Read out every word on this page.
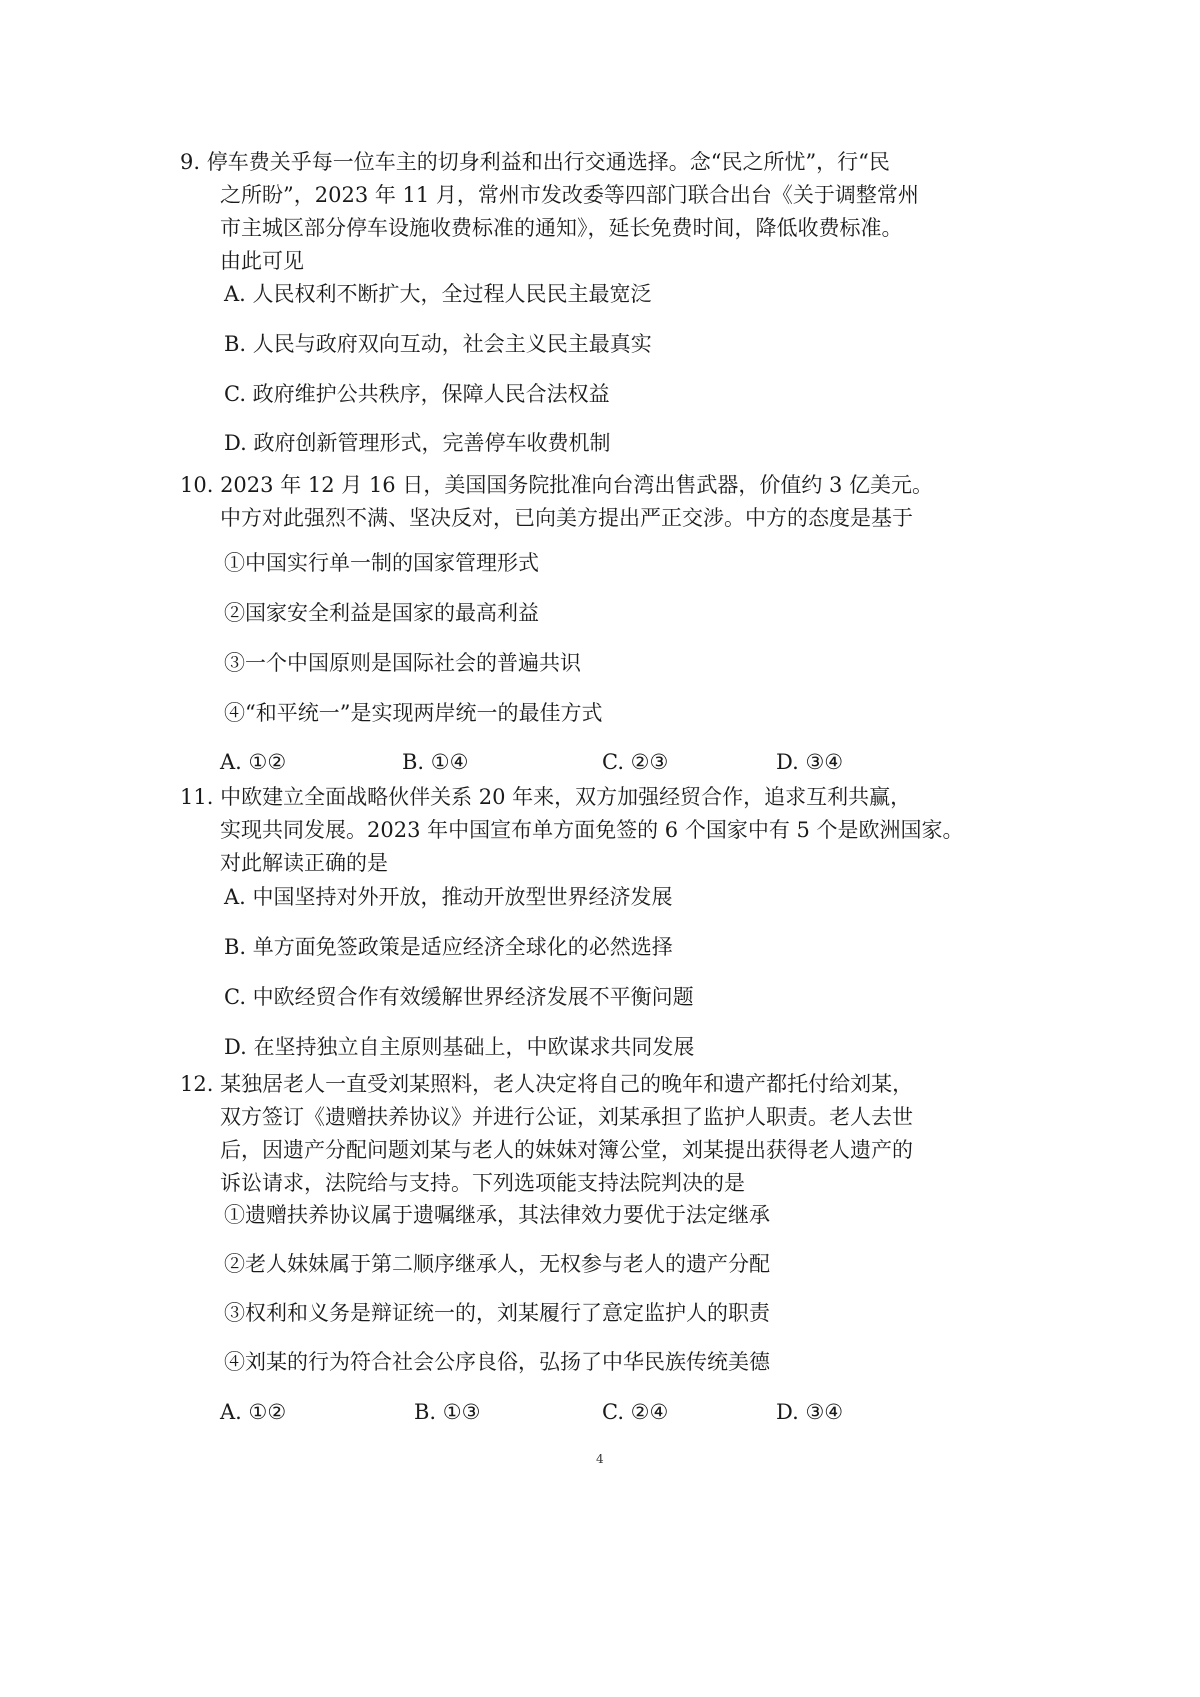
9. 停车费关乎每一位车主的切身利益和出行交通选择。念“民之所忧”，行“民
之所盼”，2023 年 11 月，常州市发改委等四部门联合出台《关于调整常州
市主城区部分停车设施收费标准的通知》，延长免费时间，降低收费标准。
由此可见
A. 人民权利不断扩大，全过程人民民主最宽泛
B. 人民与政府双向互动，社会主义民主最真实
C. 政府维护公共秩序，保障人民合法权益
D. 政府创新管理形式，完善停车收费机制
10. 2023 年 12 月 16 日，美国国务院批准向台湾出售武器，价值约 3 亿美元。
中方对此强烈不满、坚决反对，已向美方提出严正交涉。中方的态度是基于
①中国实行单一制的国家管理形式
②国家安全利益是国家的最高利益
③一个中国原则是国际社会的普遍共识
④“和平统一”是实现两岸统一的最佳方式
A. ①②	B. ①④	C. ②③	D. ③④
11. 中欧建立全面战略伙伴关系 20 年来，双方加强经贸合作，追求互利共赢，
实现共同发展。2023 年中国宣布单方面免签的 6 个国家中有 5 个是欧洲国家。
对此解读正确的是
A. 中国坚持对外开放，推动开放型世界经济发展
B. 单方面免签政策是适应经济全球化的必然选择
C. 中欧经贸合作有效缓解世界经济发展不平衡问题
D. 在坚持独立自主原则基础上，中欧谋求共同发展
12. 某独居老人一直受刘某照料，老人决定将自己的晚年和遗产都托付给刘某，
双方签订《遗赠扶养协议》并进行公证，刘某承担了监护人职责。老人去世
后，因遗产分配问题刘某与老人的妹妹对簿公堂，刘某提出获得老人遗产的
诉讼请求，法院给与支持。下列选项能支持法院判决的是
①遗赠扶养协议属于遗嘱继承，其法律效力要优于法定继承
②老人妹妹属于第二顺序继承人，无权参与老人的遗产分配
③权利和义务是辩证统一的，刘某履行了意定监护人的职责
④刘某的行为符合社会公序良俗，弘扬了中华民族传统美德
A. ①②	B. ①③	C. ②④	D. ③④
4
